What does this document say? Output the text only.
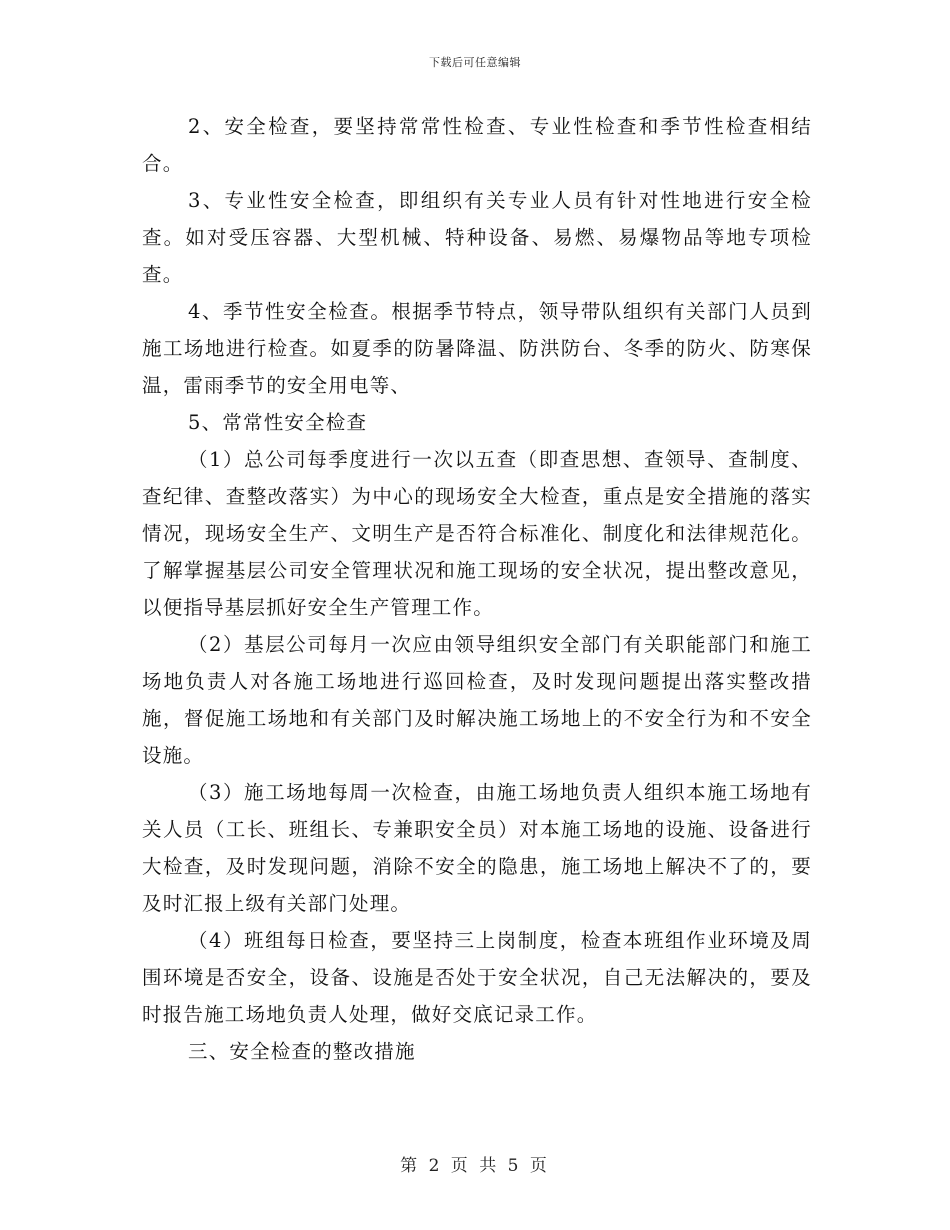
下载后可任意编辑

2、安全检查，要坚持常常性检查、专业性检查和季节性检查相结合。

3、专业性安全检查，即组织有关专业人员有针对性地进行安全检查。如对受压容器、大型机械、特种设备、易燃、易爆物品等地专项检查。

4、季节性安全检查。根据季节特点，领导带队组织有关部门人员到施工场地进行检查。如夏季的防暑降温、防洪防台、冬季的防火、防寒保温，雷雨季节的安全用电等、

5、常常性安全检查

（1）总公司每季度进行一次以五查（即查思想、查领导、查制度、查纪律、查整改落实）为中心的现场安全大检查，重点是安全措施的落实情况，现场安全生产、文明生产是否符合标准化、制度化和法律规范化。了解掌握基层公司安全管理状况和施工现场的安全状况，提出整改意见，以便指导基层抓好安全生产管理工作。

（2）基层公司每月一次应由领导组织安全部门有关职能部门和施工场地负责人对各施工场地进行巡回检查，及时发现问题提出落实整改措施，督促施工场地和有关部门及时解决施工场地上的不安全行为和不安全设施。

（3）施工场地每周一次检查，由施工场地负责人组织本施工场地有关人员（工长、班组长、专兼职安全员）对本施工场地的设施、设备进行大检查，及时发现问题，消除不安全的隐患，施工场地上解决不了的，要及时汇报上级有关部门处理。

（4）班组每日检查，要坚持三上岗制度，检查本班组作业环境及周围环境是否安全，设备、设施是否处于安全状况，自己无法解决的，要及时报告施工场地负责人处理，做好交底记录工作。

三、安全检查的整改措施

第 2 页 共 5 页
